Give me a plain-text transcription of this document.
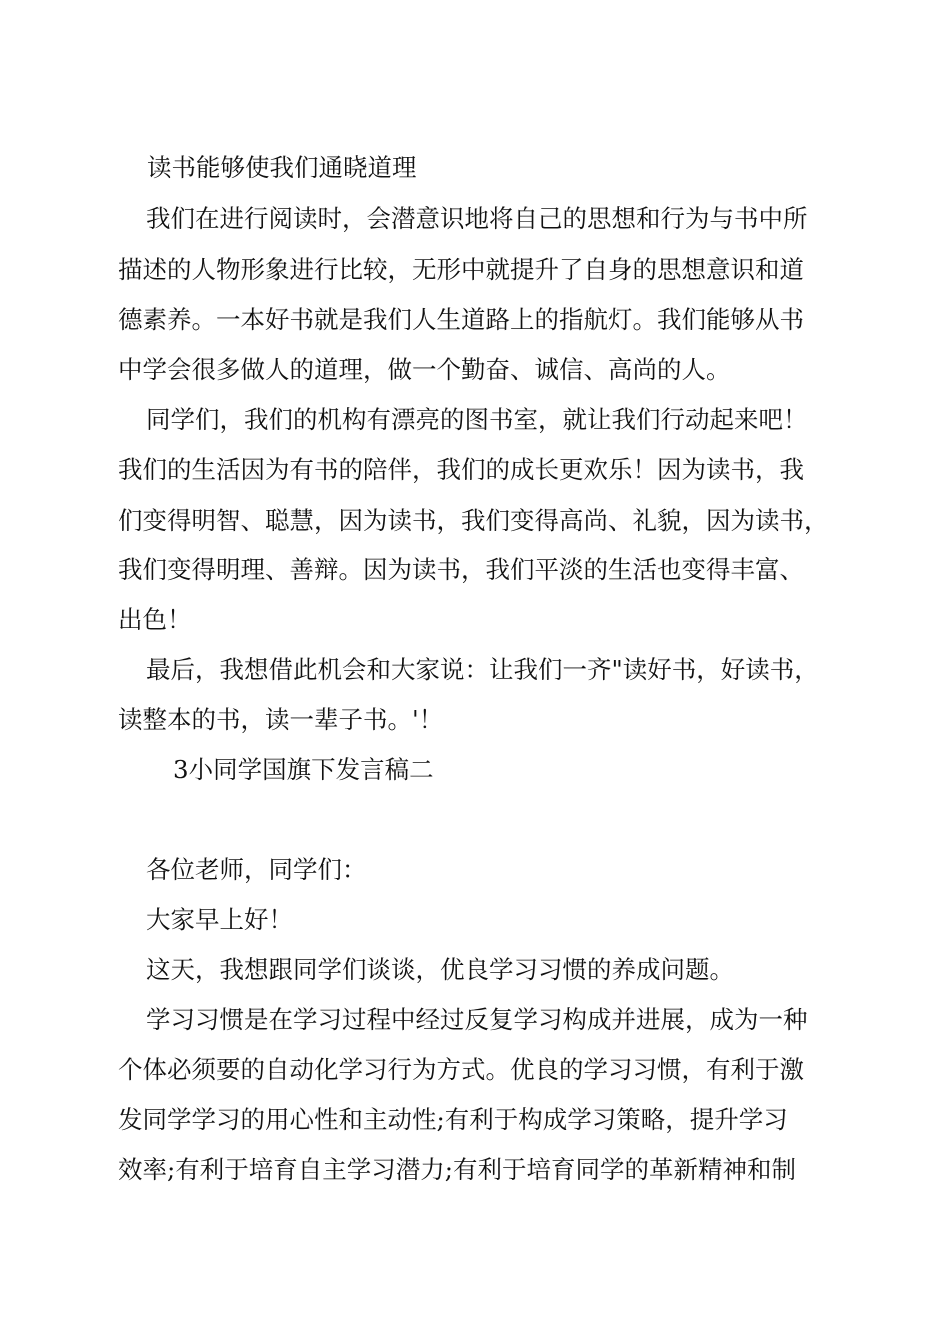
读书能够使我们通晓道理
我们在进行阅读时，会潜意识地将自己的思想和行为与书中所
描述的人物形象进行比较，无形中就提升了自身的思想意识和道
德素养。一本好书就是我们人生道路上的指航灯。我们能够从书
中学会很多做人的道理，做一个勤奋、诚信、高尚的人。
同学们，我们的机构有漂亮的图书室，就让我们行动起来吧！
我们的生活因为有书的陪伴，我们的成长更欢乐！因为读书，我
们变得明智、聪慧，因为读书，我们变得高尚、礼貌，因为读书，
我们变得明理、善辩。因为读书，我们平淡的生活也变得丰富、
出色！
最后，我想借此机会和大家说：让我们一齐"读好书，好读书，
读整本的书，读一辈子书。'！
3小同学国旗下发言稿二
各位老师，同学们：
大家早上好！
这天，我想跟同学们谈谈，优良学习习惯的养成问题。
学习习惯是在学习过程中经过反复学习构成并进展，成为一种
个体必须要的自动化学习行为方式。优良的学习习惯，有利于激
发同学学习的用心性和主动性;有利于构成学习策略，提升学习
效率;有利于培育自主学习潜力;有利于培育同学的革新精神和制
